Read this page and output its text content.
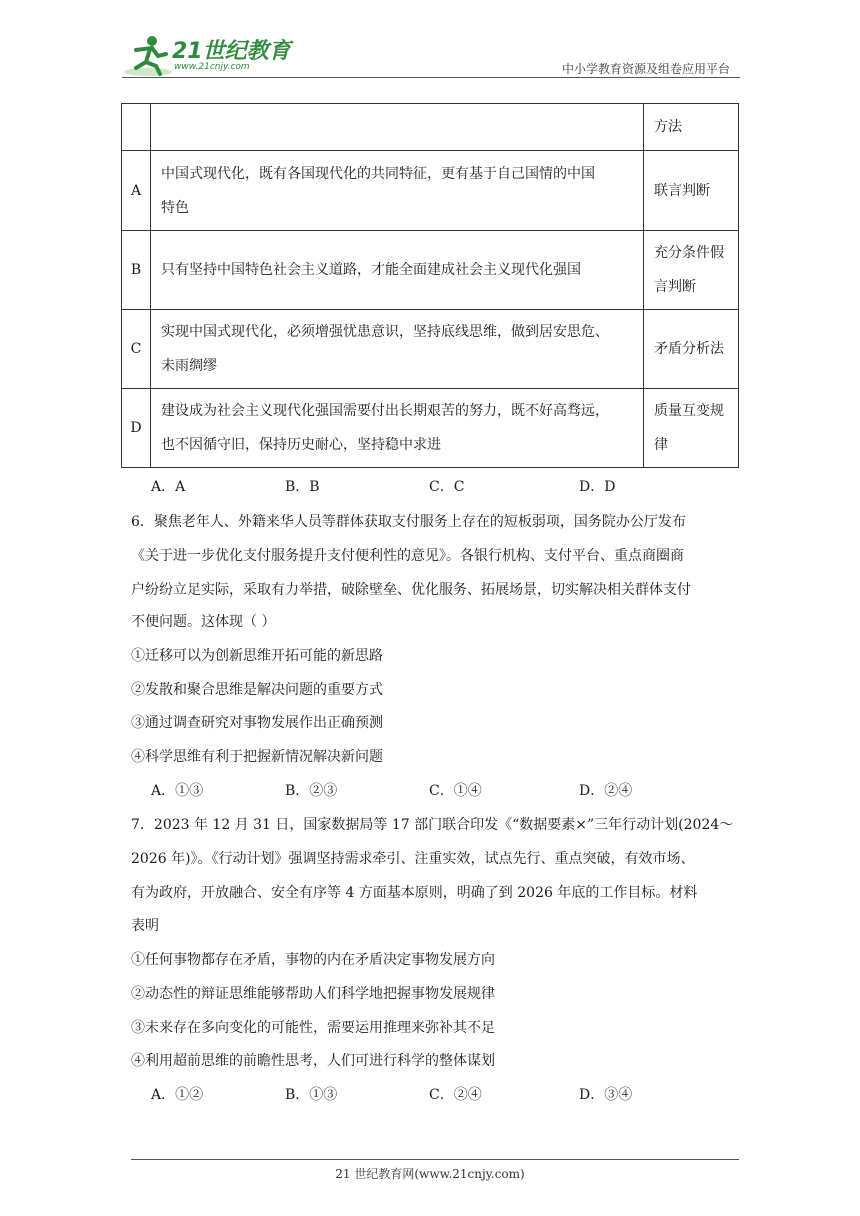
21世纪教育
www.21cnjy.com	中小学教育资源及组卷应用平台
		方法
A	中国式现代化，既有各国现代化的共同特征，更有基于自己国情的中国
特色	联言判断
B	只有坚持中国特色社会主义道路，才能全面建成社会主义现代化强国	充分条件假
言判断
C	实现中国式现代化，必须增强忧患意识，坚持底线思维，做到居安思危、
未雨绸缪	矛盾分析法
D	建设成为社会主义现代化强国需要付出长期艰苦的努力，既不好高骛远，
也不因循守旧，保持历史耐心，坚持稳中求进	质量互变规
律
A．A	B．B	C．C	D．D
6．聚焦老年人、外籍来华人员等群体获取支付服务上存在的短板弱项，国务院办公厅发布
《关于进一步优化支付服务提升支付便利性的意见》。各银行机构、支付平台、重点商圈商
户纷纷立足实际，采取有力举措，破除壁垒、优化服务、拓展场景，切实解决相关群体支付
不便问题。这体现（ ）
①迁移可以为创新思维开拓可能的新思路
②发散和聚合思维是解决问题的重要方式
③通过调查研究对事物发展作出正确预测
④科学思维有利于把握新情况解决新问题
A．①③	B．②③	C．①④	D．②④
7．2023 年 12 月 31 日，国家数据局等 17 部门联合印发《“数据要素×”三年行动计划(2024～
2026 年)》。《行动计划》强调坚持需求牵引、注重实效，试点先行、重点突破，有效市场、
有为政府，开放融合、安全有序等 4 方面基本原则，明确了到 2026 年底的工作目标。材料
表明
①任何事物都存在矛盾，事物的内在矛盾决定事物发展方向
②动态性的辩证思维能够帮助人们科学地把握事物发展规律
③未来存在多向变化的可能性，需要运用推理来弥补其不足
④利用超前思维的前瞻性思考，人们可进行科学的整体谋划
A．①②	B．①③	C．②④	D．③④
21 世纪教育网(www.21cnjy.com)
